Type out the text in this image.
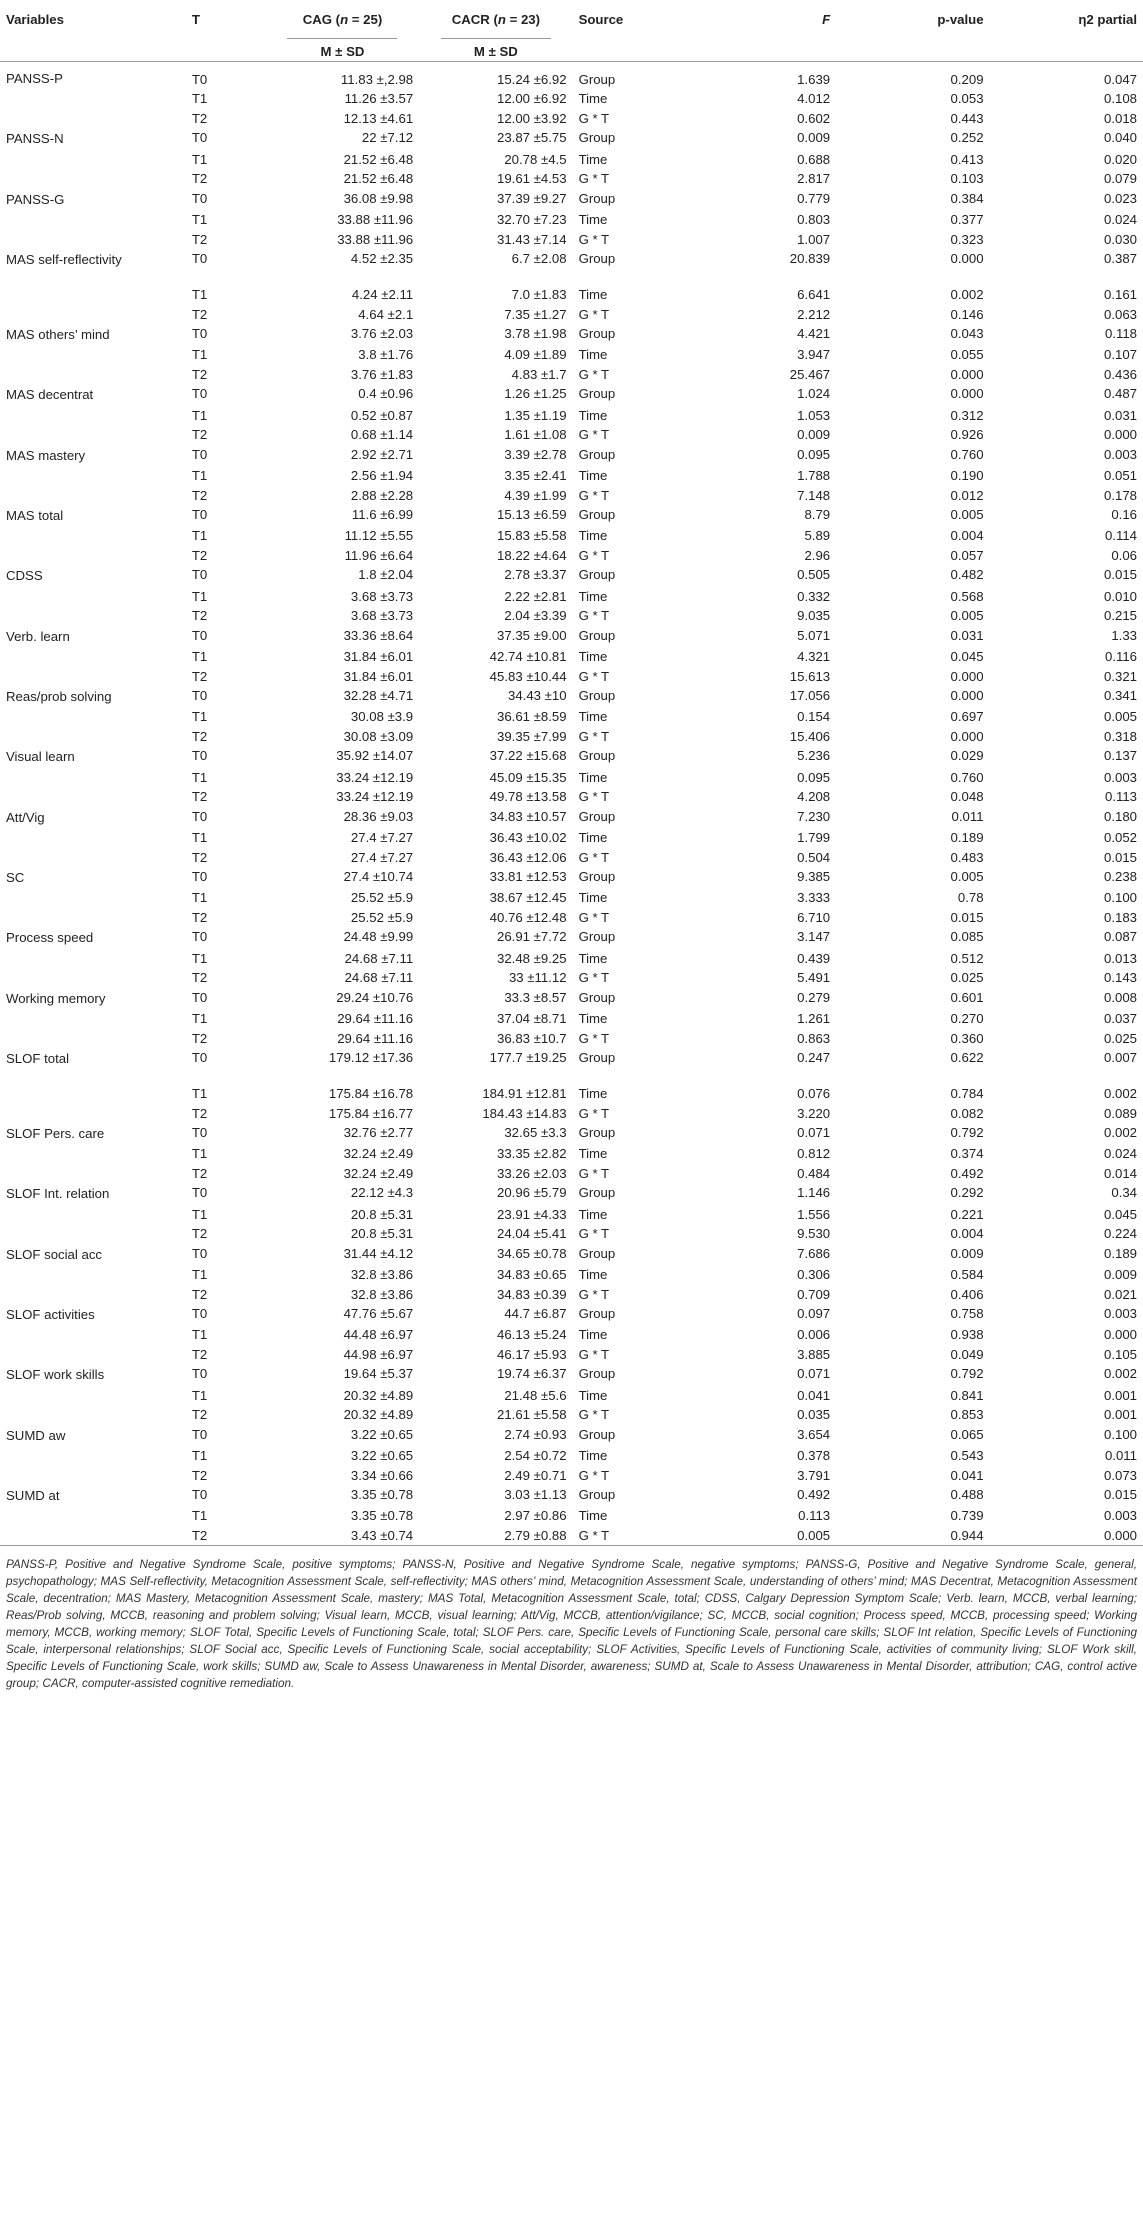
Variables	T	CAG (n = 25)	CACR (n = 23)	Source	F	p-value	η2 partial
		M ± SD	M ± SD				
PANSS-P	T0	11.83 ±,2.98	15.24 ±6.92	Group	1.639	0.209	0.047
	T1	11.26 ±3.57	12.00 ±6.92	Time	4.012	0.053	0.108
	T2	12.13 ±4.61	12.00 ±3.92	G * T	0.602	0.443	0.018
PANSS-N	T0	22 ±7.12	23.87 ±5.75	Group	0.009	0.252	0.040
	T1	21.52 ±6.48	20.78 ±4.5	Time	0.688	0.413	0.020
	T2	21.52 ±6.48	19.61 ±4.53	G * T	2.817	0.103	0.079
PANSS-G	T0	36.08 ±9.98	37.39 ±9.27	Group	0.779	0.384	0.023
	T1	33.88 ±11.96	32.70 ±7.23	Time	0.803	0.377	0.024
	T2	33.88 ±11.96	31.43 ±7.14	G * T	1.007	0.323	0.030
MAS self-reflectivity	T0	4.52 ±2.35	6.7 ±2.08	Group	20.839	0.000	0.387
	T1	4.24 ±2.11	7.0 ±1.83	Time	6.641	0.002	0.161
	T2	4.64 ±2.1	7.35 ±1.27	G * T	2.212	0.146	0.063
MAS others’ mind	T0	3.76 ±2.03	3.78 ±1.98	Group	4.421	0.043	0.118
	T1	3.8 ±1.76	4.09 ±1.89	Time	3.947	0.055	0.107
	T2	3.76 ±1.83	4.83 ±1.7	G * T	25.467	0.000	0.436
MAS decentrat	T0	0.4 ±0.96	1.26 ±1.25	Group	1.024	0.000	0.487
	T1	0.52 ±0.87	1.35 ±1.19	Time	1.053	0.312	0.031
	T2	0.68 ±1.14	1.61 ±1.08	G * T	0.009	0.926	0.000
MAS mastery	T0	2.92 ±2.71	3.39 ±2.78	Group	0.095	0.760	0.003
	T1	2.56 ±1.94	3.35 ±2.41	Time	1.788	0.190	0.051
	T2	2.88 ±2.28	4.39 ±1.99	G * T	7.148	0.012	0.178
MAS total	T0	11.6 ±6.99	15.13 ±6.59	Group	8.79	0.005	0.16
	T1	11.12 ±5.55	15.83 ±5.58	Time	5.89	0.004	0.114
	T2	11.96 ±6.64	18.22 ±4.64	G * T	2.96	0.057	0.06
CDSS	T0	1.8 ±2.04	2.78 ±3.37	Group	0.505	0.482	0.015
	T1	3.68 ±3.73	2.22 ±2.81	Time	0.332	0.568	0.010
	T2	3.68 ±3.73	2.04 ±3.39	G * T	9.035	0.005	0.215
Verb. learn	T0	33.36 ±8.64	37.35 ±9.00	Group	5.071	0.031	1.33
	T1	31.84 ±6.01	42.74 ±10.81	Time	4.321	0.045	0.116
	T2	31.84 ±6.01	45.83 ±10.44	G * T	15.613	0.000	0.321
Reas/prob solving	T0	32.28 ±4.71	34.43 ±10	Group	17.056	0.000	0.341
	T1	30.08 ±3.9	36.61 ±8.59	Time	0.154	0.697	0.005
	T2	30.08 ±3.09	39.35 ±7.99	G * T	15.406	0.000	0.318
Visual learn	T0	35.92 ±14.07	37.22 ±15.68	Group	5.236	0.029	0.137
	T1	33.24 ±12.19	45.09 ±15.35	Time	0.095	0.760	0.003
	T2	33.24 ±12.19	49.78 ±13.58	G * T	4.208	0.048	0.113
Att/Vig	T0	28.36 ±9.03	34.83 ±10.57	Group	7.230	0.011	0.180
	T1	27.4 ±7.27	36.43 ±10.02	Time	1.799	0.189	0.052
	T2	27.4 ±7.27	36.43 ±12.06	G * T	0.504	0.483	0.015
SC	T0	27.4 ±10.74	33.81 ±12.53	Group	9.385	0.005	0.238
	T1	25.52 ±5.9	38.67 ±12.45	Time	3.333	0.78	0.100
	T2	25.52 ±5.9	40.76 ±12.48	G * T	6.710	0.015	0.183
Process speed	T0	24.48 ±9.99	26.91 ±7.72	Group	3.147	0.085	0.087
	T1	24.68 ±7.11	32.48 ±9.25	Time	0.439	0.512	0.013
	T2	24.68 ±7.11	33 ±11.12	G * T	5.491	0.025	0.143
Working memory	T0	29.24 ±10.76	33.3 ±8.57	Group	0.279	0.601	0.008
	T1	29.64 ±11.16	37.04 ±8.71	Time	1.261	0.270	0.037
	T2	29.64 ±11.16	36.83 ±10.7	G * T	0.863	0.360	0.025
SLOF total	T0	179.12 ±17.36	177.7 ±19.25	Group	0.247	0.622	0.007
	T1	175.84 ±16.78	184.91 ±12.81	Time	0.076	0.784	0.002
	T2	175.84 ±16.77	184.43 ±14.83	G * T	3.220	0.082	0.089
SLOF Pers. care	T0	32.76 ±2.77	32.65 ±3.3	Group	0.071	0.792	0.002
	T1	32.24 ±2.49	33.35 ±2.82	Time	0.812	0.374	0.024
	T2	32.24 ±2.49	33.26 ±2.03	G * T	0.484	0.492	0.014
SLOF Int. relation	T0	22.12 ±4.3	20.96 ±5.79	Group	1.146	0.292	0.34
	T1	20.8 ±5.31	23.91 ±4.33	Time	1.556	0.221	0.045
	T2	20.8 ±5.31	24.04 ±5.41	G * T	9.530	0.004	0.224
SLOF social acc	T0	31.44 ±4.12	34.65 ±0.78	Group	7.686	0.009	0.189
	T1	32.8 ±3.86	34.83 ±0.65	Time	0.306	0.584	0.009
	T2	32.8 ±3.86	34.83 ±0.39	G * T	0.709	0.406	0.021
SLOF activities	T0	47.76 ±5.67	44.7 ±6.87	Group	0.097	0.758	0.003
	T1	44.48 ±6.97	46.13 ±5.24	Time	0.006	0.938	0.000
	T2	44.98 ±6.97	46.17 ±5.93	G * T	3.885	0.049	0.105
SLOF work skills	T0	19.64 ±5.37	19.74 ±6.37	Group	0.071	0.792	0.002
	T1	20.32 ±4.89	21.48 ±5.6	Time	0.041	0.841	0.001
	T2	20.32 ±4.89	21.61 ±5.58	G * T	0.035	0.853	0.001
SUMD aw	T0	3.22 ±0.65	2.74 ±0.93	Group	3.654	0.065	0.100
	T1	3.22 ±0.65	2.54 ±0.72	Time	0.378	0.543	0.011
	T2	3.34 ±0.66	2.49 ±0.71	G * T	3.791	0.041	0.073
SUMD at	T0	3.35 ±0.78	3.03 ±1.13	Group	0.492	0.488	0.015
	T1	3.35 ±0.78	2.97 ±0.86	Time	0.113	0.739	0.003
	T2	3.43 ±0.74	2.79 ±0.88	G * T	0.005	0.944	0.000
PANSS-P, Positive and Negative Syndrome Scale, positive symptoms; PANSS-N, Positive and Negative Syndrome Scale, negative symptoms; PANSS-G, Positive and Negative Syndrome Scale, general, psychopathology; MAS Self-reflectivity, Metacognition Assessment Scale, self-reflectivity; MAS others’ mind, Metacognition Assessment Scale, understanding of others’ mind; MAS Decentrat, Metacognition Assessment Scale, decentration; MAS Mastery, Metacognition Assessment Scale, mastery; MAS Total, Metacognition Assessment Scale, total; CDSS, Calgary Depression Symptom Scale; Verb. learn, MCCB, verbal learning; Reas/Prob solving, MCCB, reasoning and problem solving; Visual learn, MCCB, visual learning; Att/Vig, MCCB, attention/vigilance; SC, MCCB, social cognition; Process speed, MCCB, processing speed; Working memory, MCCB, working memory; SLOF Total, Specific Levels of Functioning Scale, total; SLOF Pers. care, Specific Levels of Functioning Scale, personal care skills; SLOF Int relation, Specific Levels of Functioning Scale, interpersonal relationships; SLOF Social acc, Specific Levels of Functioning Scale, social acceptability; SLOF Activities, Specific Levels of Functioning Scale, activities of community living; SLOF Work skill, Specific Levels of Functioning Scale, work skills; SUMD aw, Scale to Assess Unawareness in Mental Disorder, awareness; SUMD at, Scale to Assess Unawareness in Mental Disorder, attribution; CAG, control active group; CACR, computer-assisted cognitive remediation.
